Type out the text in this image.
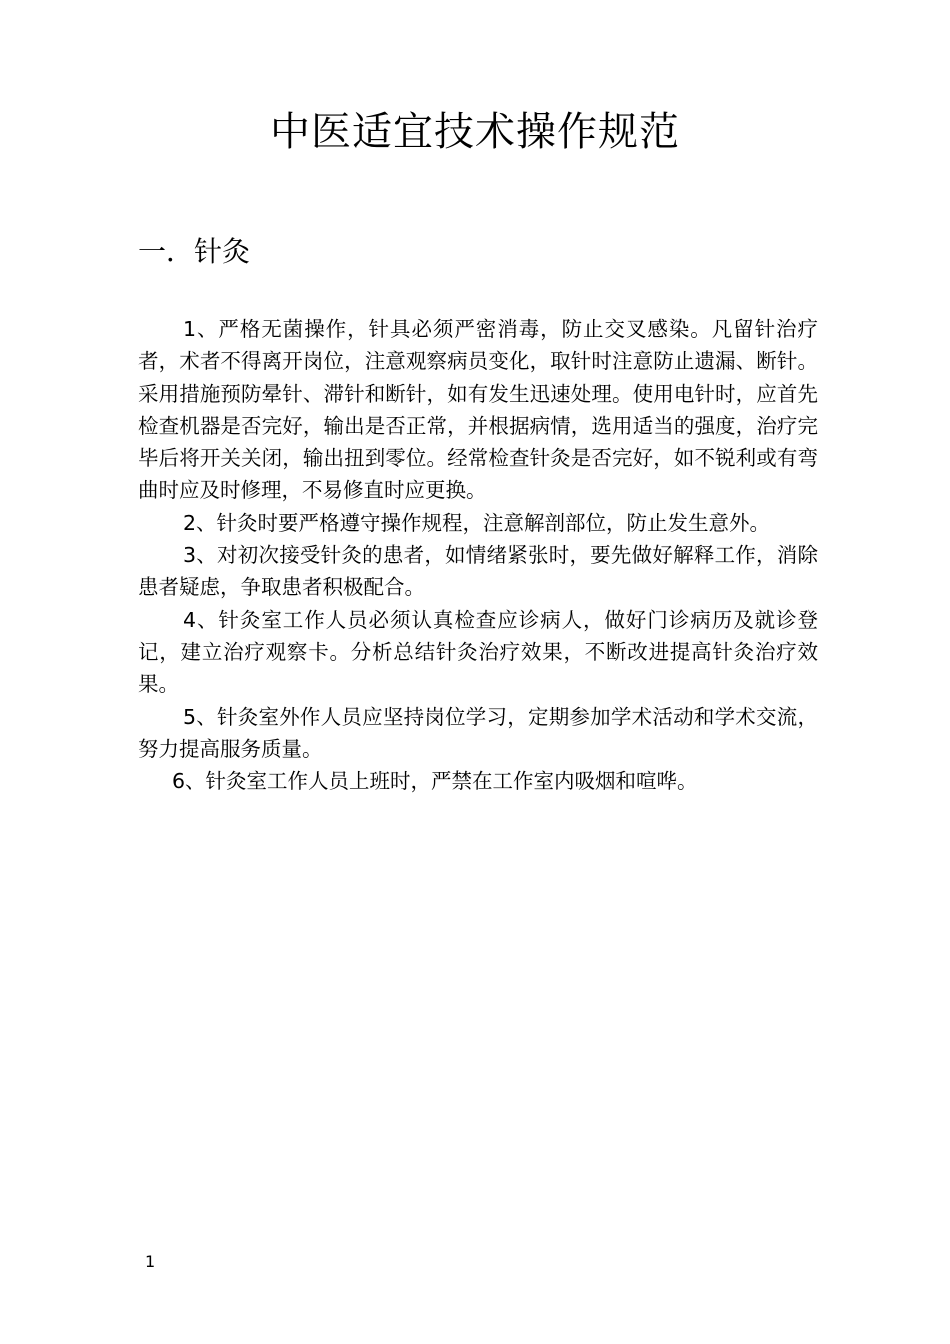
中医适宜技术操作规范
一．针灸

1、严格无菌操作，针具必须严密消毒，防止交叉感染。凡留针治疗者，术者不得离开岗位，注意观察病员变化，取针时注意防止遗漏、断针。采用措施预防晕针、滞针和断针，如有发生迅速处理。使用电针时，应首先检查机器是否完好，输出是否正常，并根据病情，选用适当的强度，治疗完毕后将开关关闭，输出扭到零位。经常检查针灸是否完好，如不锐利或有弯曲时应及时修理，不易修直时应更换。

2、针灸时要严格遵守操作规程，注意解剖部位，防止发生意外。

3、对初次接受针灸的患者，如情绪紧张时，要先做好解释工作，消除患者疑虑，争取患者积极配合。

4、针灸室工作人员必须认真检查应诊病人，做好门诊病历及就诊登记，建立治疗观察卡。分析总结针灸治疗效果，不断改进提高针灸治疗效果。

5、针灸室外作人员应坚持岗位学习，定期参加学术活动和学术交流，努力提高服务质量。

6、针灸室工作人员上班时，严禁在工作室内吸烟和喧哗。

1
